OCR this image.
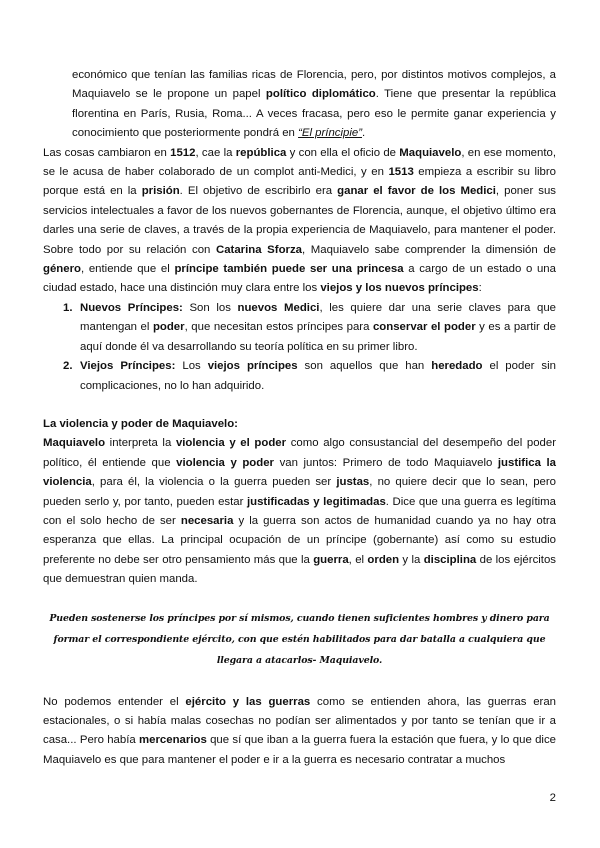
económico que tenían las familias ricas de Florencia, pero, por distintos motivos complejos, a Maquiavelo se le propone un papel político diplomático. Tiene que presentar la república florentina en París, Rusia, Roma... A veces fracasa, pero eso le permite ganar experiencia y conocimiento que posteriormente pondrá en “El príncipie”.

Las cosas cambiaron en 1512, cae la república y con ella el oficio de Maquiavelo, en ese momento, se le acusa de haber colaborado de un complot anti-Medici, y en 1513 empieza a escribir su libro porque está en la prisión. El objetivo de escribirlo era ganar el favor de los Medici, poner sus servicios intelectuales a favor de los nuevos gobernantes de Florencia, aunque, el objetivo último era darles una serie de claves, a través de la propia experiencia de Maquiavelo, para mantener el poder. Sobre todo por su relación con Catarina Sforza, Maquiavelo sabe comprender la dimensión de género, entiende que el príncipe también puede ser una princesa a cargo de un estado o una ciudad estado, hace una distinción muy clara entre los viejos y los nuevos príncipes:

1. Nuevos Príncipes: Son los nuevos Medici, les quiere dar una serie claves para que mantengan el poder, que necesitan estos príncipes para conservar el poder y es a partir de aquí donde él va desarrollando su teoría política en su primer libro.
2. Viejos Príncipes: Los viejos príncipes son aquellos que han heredado el poder sin complicaciones, no lo han adquirido.
La violencia y poder de Maquiavelo:

Maquiavelo interpreta la violencia y el poder como algo consustancial del desempeño del poder político, él entiende que violencia y poder van juntos: Primero de todo Maquiavelo justifica la violencia, para él, la violencia o la guerra pueden ser justas, no quiere decir que lo sean, pero pueden serlo y, por tanto, pueden estar justificadas y legitimadas. Dice que una guerra es legítima con el solo hecho de ser necesaria y la guerra son actos de humanidad cuando ya no hay otra esperanza que ellas. La principal ocupación de un príncipe (gobernante) así como su estudio preferente no debe ser otro pensamiento más que la guerra, el orden y la disciplina de los ejércitos que demuestran quien manda.

Pueden sostenerse los príncipes por sí mismos, cuando tienen suficientes hombres y dinero para formar el correspondiente ejército, con que estén habilitados para dar batalla a cualquiera que llegara a atacarlos- Maquiavelo.

No podemos entender el ejército y las guerras como se entienden ahora, las guerras eran estacionales, o si había malas cosechas no podían ser alimentados y por tanto se tenían que ir a casa... Pero había mercenarios que sí que iban a la guerra fuera la estación que fuera, y lo que dice Maquiavelo es que para mantener el poder e ir a la guerra es necesario contratar a muchos

2
